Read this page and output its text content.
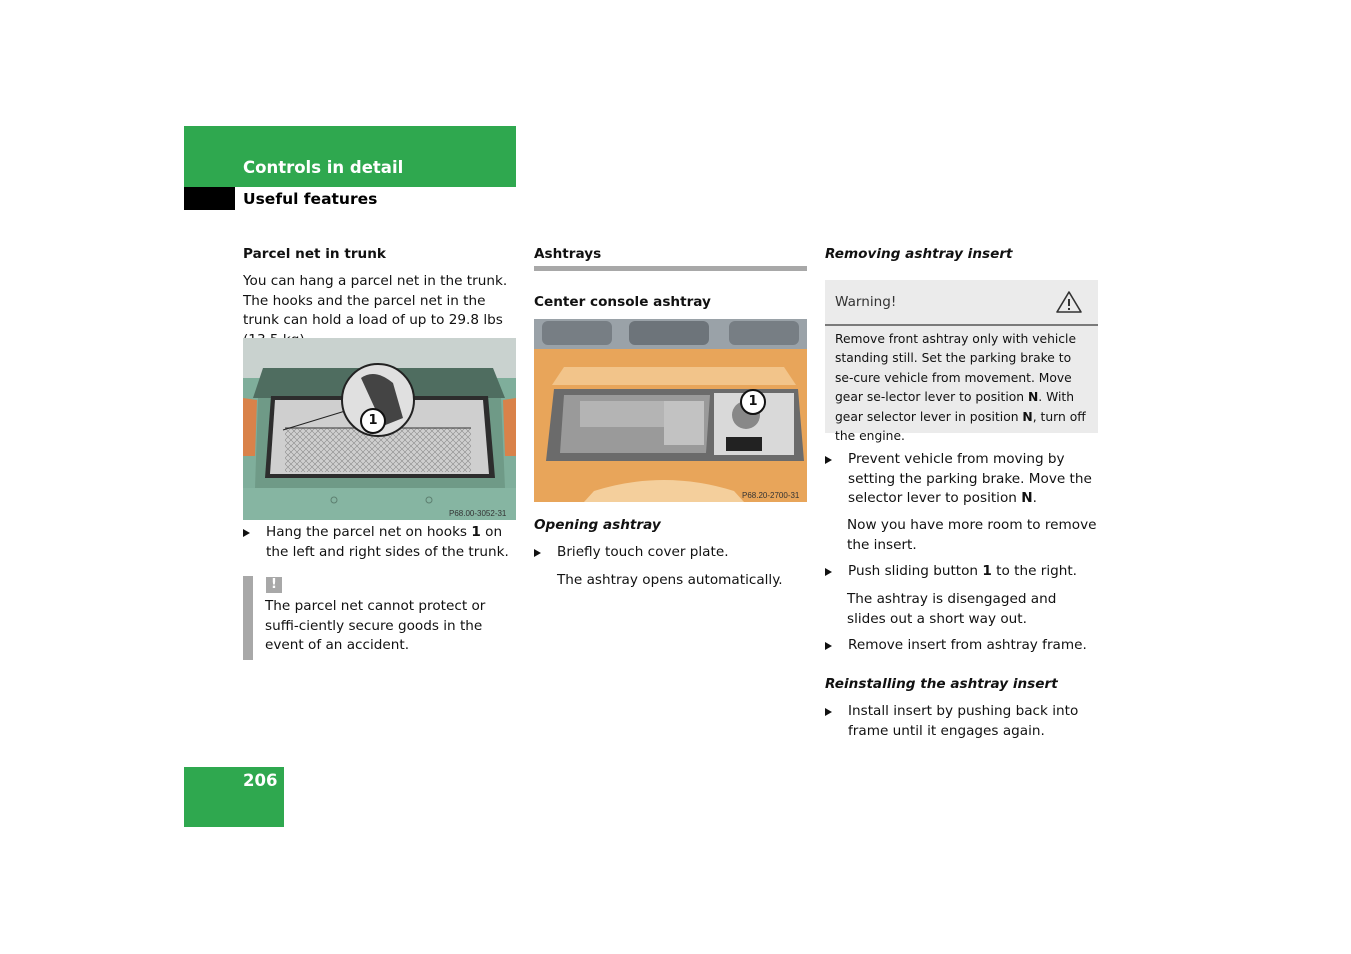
Controls in detail
Useful features
Parcel net in trunk
You can hang a parcel net in the trunk. The hooks and the parcel net in the trunk can hold a load of up to 29.8 lbs
P68.00-3052-31
1
Hang the parcel net on hooks 1 on the left and right sides of the trunk.
!
The parcel net cannot protect or suffi-ciently secure goods in the event of an accident.
Ashtrays
Center console ashtray
P68.20-2700-31
1
Opening ashtray
Briefly touch cover plate.
The ashtray opens automatically.
Removing ashtray insert
Warning!
Remove front ashtray only with vehicle standing still. Set the parking brake to se-cure vehicle from movement. Move gear se-lector lever to position N. With gear selector lever in position N, turn off the engine.
Prevent vehicle from moving by setting the parking brake. Move the selector lever to position N.
Now you have more room to remove the insert.
Push sliding button 1 to the right.
The ashtray is disengaged and slides out a short way out.
Remove insert from ashtray frame.
Reinstalling the ashtray insert
Install insert by pushing back into frame until it engages again.
206
